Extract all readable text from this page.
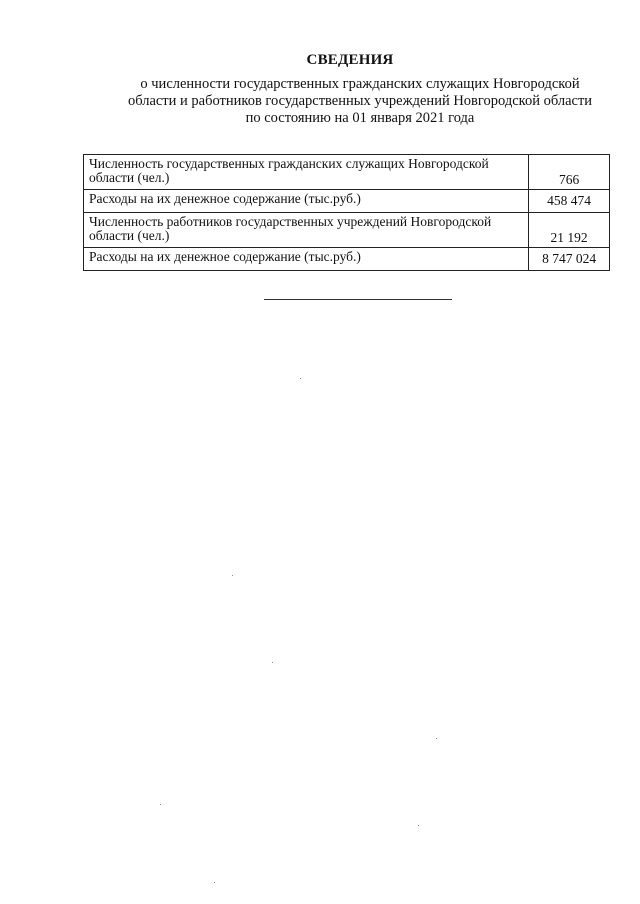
СВЕДЕНИЯ
о численности государственных гражданских служащих Новгородской
области и работников государственных учреждений Новгородской области
по состоянию на 01 января 2021 года
Численность государственных гражданских служащих Новгородской области (чел.)	766
Расходы на их денежное содержание (тыс.руб.)	458 474
Численность работников государственных учреждений Новгородской области (чел.)	21 192
Расходы на их денежное содержание (тыс.руб.)	8 747 024
